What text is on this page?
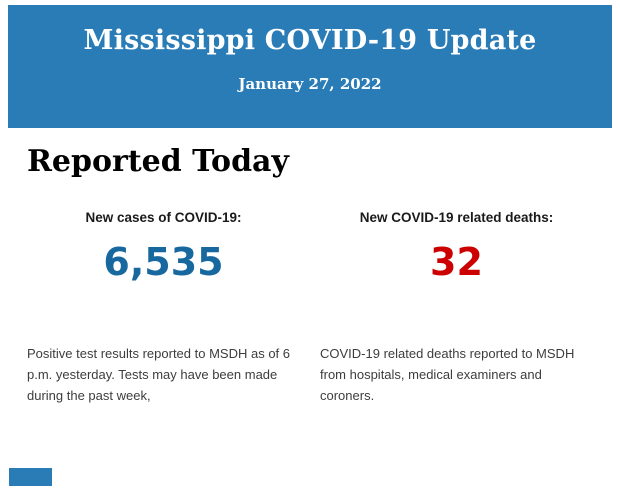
Mississippi COVID-19 Update
January 27, 2022
Reported Today
New cases of COVID-19:
6,535
Positive test results reported to MSDH as of 6 p.m. yesterday. Tests may have been made during the past week,
New COVID-19 related deaths:
32
COVID-19 related deaths reported to MSDH from hospitals, medical examiners and coroners.
